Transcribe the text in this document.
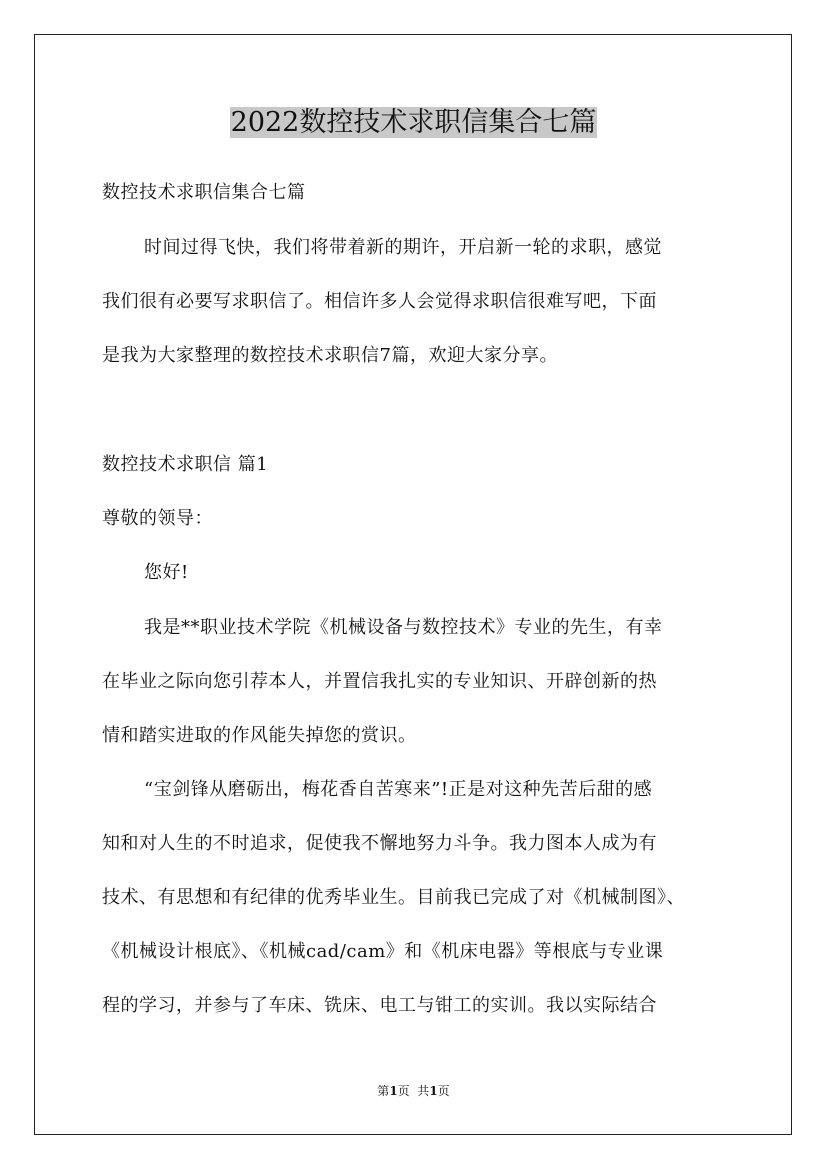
2022数控技术求职信集合七篇
数控技术求职信集合七篇
时间过得飞快，我们将带着新的期许，开启新一轮的求职，感觉
我们很有必要写求职信了。相信许多人会觉得求职信很难写吧，下面
是我为大家整理的数控技术求职信7篇，欢迎大家分享。
数控技术求职信 篇1
尊敬的领导：
您好!
我是**职业技术学院《机械设备与数控技术》专业的先生，有幸
在毕业之际向您引荐本人，并置信我扎实的专业知识、开辟创新的热
情和踏实进取的作风能失掉您的赏识。
“宝剑锋从磨砺出，梅花香自苦寒来”!正是对这种先苦后甜的感
知和对人生的不时追求，促使我不懈地努力斗争。我力图本人成为有
技术、有思想和有纪律的优秀毕业生。目前我已完成了对《机械制图》、
《机械设计根底》、《机械cad/cam》和《机床电器》等根底与专业课
程的学习，并参与了车床、铣床、电工与钳工的实训。我以实际结合
第1页  共1页
